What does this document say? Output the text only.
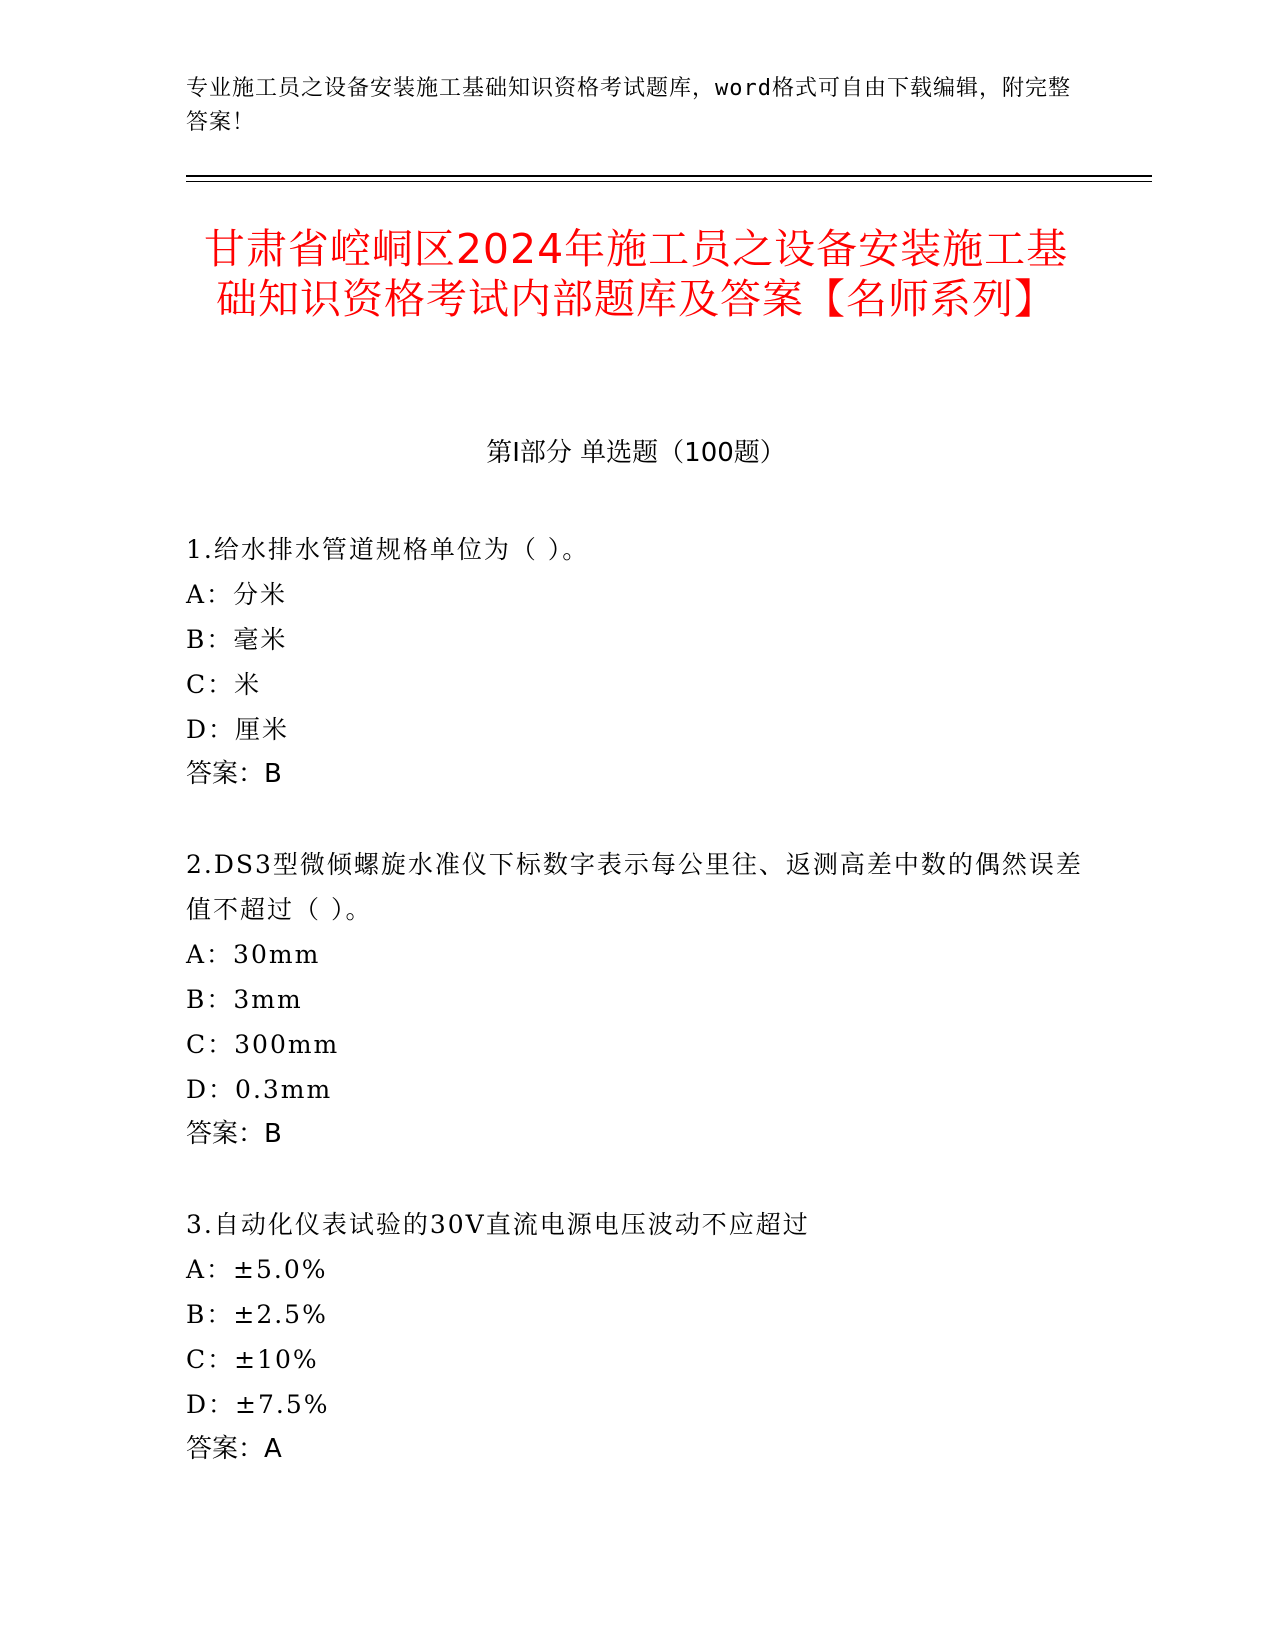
专业施工员之设备安装施工基础知识资格考试题库，word格式可自由下载编辑，附完整答案！
甘肃省崆峒区2024年施工员之设备安装施工基础知识资格考试内部题库及答案【名师系列】
第Ⅰ部分 单选题（100题）
1.给水排水管道规格单位为（ ）。
A：分米
B：毫米
C：米
D：厘米
答案：B
2.DS3型微倾螺旋水准仪下标数字表示每公里往、返测高差中数的偶然误差值不超过（ ）。
A：30mm
B：3mm
C：300mm
D：0.3mm
答案：B
3.自动化仪表试验的30V直流电源电压波动不应超过
A：±5.0%
B：±2.5%
C：±10%
D：±7.5%
答案：A
